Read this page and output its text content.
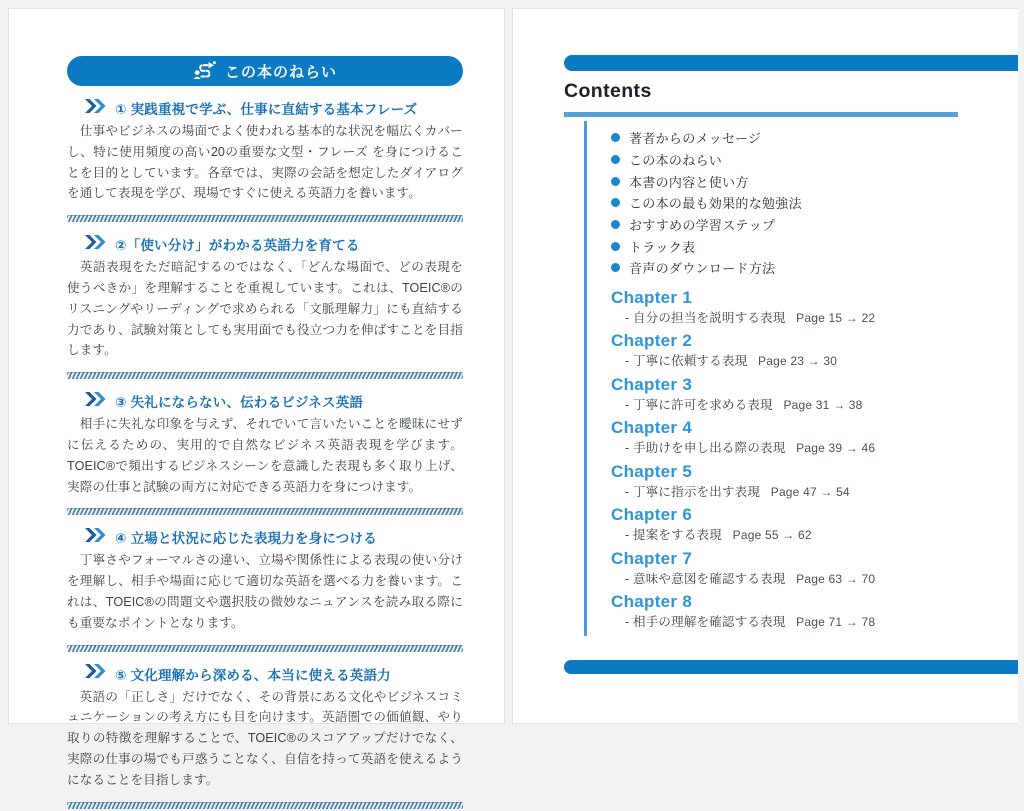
この本のねらい
① 実践重視で学ぶ、仕事に直結する基本フレーズ

　仕事やビジネスの場面でよく使われる基本的な状況を幅広くカバーし、特に使用頻度の高い20の重要な文型・フレーズ を身につけることを目的としています。各章では、実際の会話を想定したダイアログを通して表現を学び、現場ですぐに使える英語力を養います。

②「使い分け」がわかる英語力を育てる

　英語表現をただ暗記するのではなく、「どんな場面で、どの表現を使うべきか」を理解することを重視しています。これは、TOEIC®のリスニングやリーディングで求められる「文脈理解力」にも直結する力であり、試験対策としても実用面でも役立つ力を伸ばすことを目指します。

③ 失礼にならない、伝わるビジネス英語

　相手に失礼な印象を与えず、それでいて言いたいことを曖昧にせずに伝えるための、実用的で自然なビジネス英語表現を学びます。TOEIC®で頻出するビジネスシーンを意識した表現も多く取り上げ、実際の仕事と試験の両方に対応できる英語力を身につけます。

④ 立場と状況に応じた表現力を身につける

　丁寧さやフォーマルさの違い、立場や関係性による表現の使い分けを理解し、相手や場面に応じて適切な英語を選べる力を養います。これは、TOEIC®の問題文や選択肢の微妙なニュアンスを読み取る際にも重要なポイントとなります。

⑤ 文化理解から深める、本当に使える英語力

　英語の「正しさ」だけでなく、その背景にある文化やビジネスコミュニケーションの考え方にも目を向けます。英語圏での価値観、やり取りの特徴を理解することで、TOEIC®のスコアアップだけでなく、実際の仕事の場でも戸惑うことなく、自信を持って英語を使えるようになることを目指します。

Contents
著者からのメッセージ
この本のねらい
本書の内容と使い方
この本の最も効果的な勉強法
おすすめの学習ステップ
トラック表
音声のダウンロード方法
Chapter 1
- 自分の担当を説明する表現 Page 15 → 22
Chapter 2
- 丁寧に依頼する表現 Page 23 → 30
Chapter 3
- 丁寧に許可を求める表現 Page 31 → 38
Chapter 4
- 手助けを申し出る際の表現 Page 39 → 46
Chapter 5
- 丁寧に指示を出す表現 Page 47 → 54
Chapter 6
- 提案をする表現 Page 55 → 62
Chapter 7
- 意味や意図を確認する表現 Page 63 → 70
Chapter 8
- 相手の理解を確認する表現 Page 71 → 78
